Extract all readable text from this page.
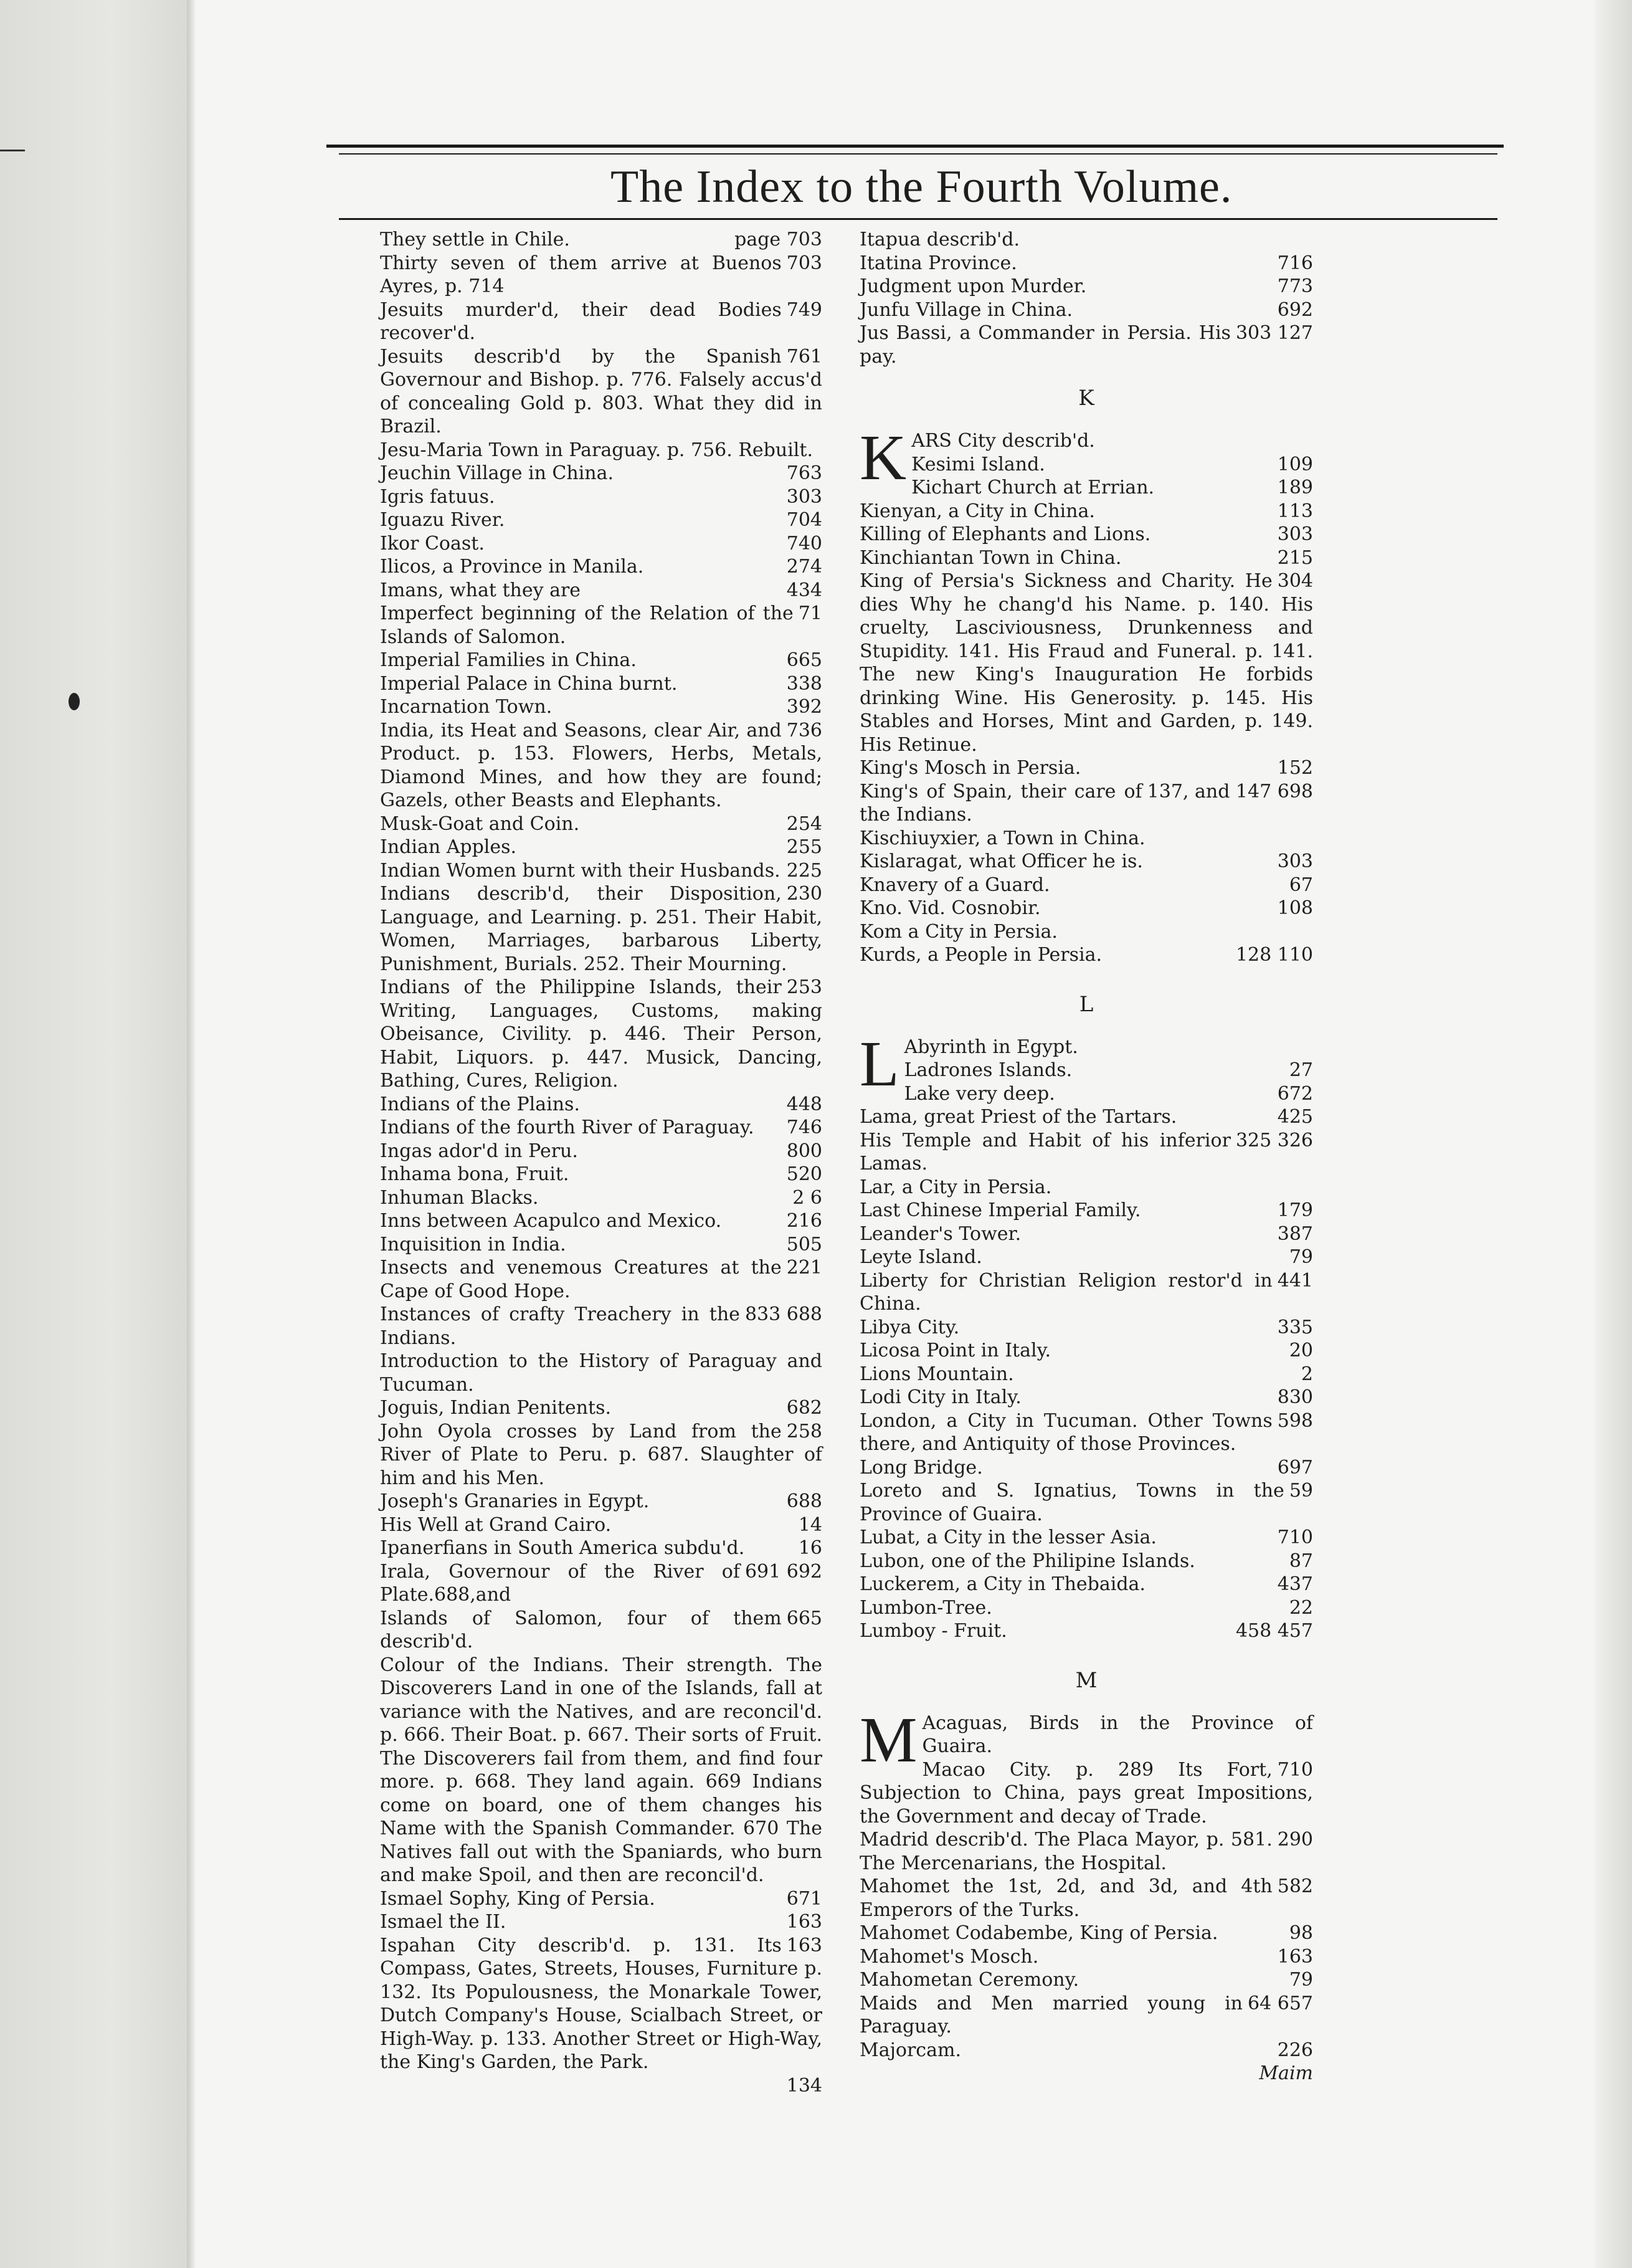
The Index to the Fourth Volume.

page 703
They settle in Chile.

703
Thirty seven of them arrive at Buenos Ayres, p. 714

749
Jesuits murder'd, their dead Bodies recover'd.

761
Jesuits describ'd by the Spanish Governour and Bishop. p. 776. Falsely accus'd of concealing Gold p. 803. What they did in Brazil.

Jesu-Maria Town in Paraguay. p. 756. Rebuilt.

763
Jeuchin Village in China.

303
Igris fatuus.

704
Iguazu River.

740
Ikor Coast.

274
Ilicos, a Province in Manila.

434
Imans, what they are

71
Imperfect beginning of the Relation of the Islands of Salomon.

665
Imperial Families in China.

338
Imperial Palace in China burnt.

392
Incarnation Town.

736
India, its Heat and Seasons, clear Air, and Product. p. 153. Flowers, Herbs, Metals, Diamond Mines, and how they are found; Gazels, other Beasts and Elephants.

254
Musk-Goat and Coin.

255
Indian Apples.

225
Indian Women burnt with their Husbands.

230
Indians describ'd, their Disposition, Language, and Learning. p. 251. Their Habit, Women, Marriages, barbarous Liberty, Punishment, Burials. 252. Their Mourning.

253
Indians of the Philippine Islands, their Writing, Languages, Customs, making Obeisance, Civility. p. 446. Their Person, Habit, Liquors. p. 447. Musick, Dancing, Bathing, Cures, Religion.

448
Indians of the Plains.

746
Indians of the fourth River of Paraguay.

800
Ingas ador'd in Peru.

520
Inhama bona, Fruit.

2 6
Inhuman Blacks.

216
Inns between Acapulco and Mexico.

505
Inquisition in India.

221
Insects and venemous Creatures at the Cape of Good Hope.

833 688
Instances of crafty Treachery in the Indians.

Introduction to the History of Paraguay and Tucuman.

682
Joguis, Indian Penitents.

258
John Oyola crosses by Land from the River of Plate to Peru. p. 687. Slaughter of him and his Men.

688
Joseph's Granaries in Egypt.

14
His Well at Grand Cairo.

16
Ipanerfians in South America subdu'd.

691 692
Irala, Governour of the River of Plate.688,and

665
Islands of Salomon, four of them describ'd.

Colour of the Indians. Their strength. The Discoverers Land in one of the Islands, fall at variance with the Natives, and are reconcil'd. p. 666. Their Boat. p. 667. Their sorts of Fruit. The Discoverers fail from them, and find four more. p. 668. They land again. 669 Indians come on board, one of them changes his Name with the Spanish Commander. 670 The Natives fall out with the Spaniards, who burn and make Spoil, and then are reconcil'd.

671
Ismael Sophy, King of Persia.

163
Ismael the II.

163
Ispahan City describ'd. p. 131. Its Compass, Gates, Streets, Houses, Furniture p. 132. Its Populousness, the Monarkale Tower, Dutch Company's House, Scialbach Street, or High-Way. p. 133. Another Street or High-Way, the King's Garden, the Park.

134

Itapua describ'd.

716
Itatina Province.

773
Judgment upon Murder.

692
Junfu Village in China.

303 127
Jus Bassi, a Commander in Persia. His pay.

K
K ARS City describ'd.

109
Kesimi Island.

189
Kichart Church at Errian.

113
Kienyan, a City in China.

303
Killing of Elephants and Lions.

215
Kinchiantan Town in China.

304
King of Persia's Sickness and Charity. He dies Why he chang'd his Name. p. 140. His cruelty, Lasciviousness, Drunkenness and Stupidity. 141. His Fraud and Funeral. p. 141. The new King's Inauguration He forbids drinking Wine. His Generosity. p. 145. His Stables and Horses, Mint and Garden, p. 149. His Retinue.

152
King's Mosch in Persia.

137, and 147 698
King's of Spain, their care of the Indians.

Kischiuyxier, a Town in China.

303
Kislaragat, what Officer he is.

67
Knavery of a Guard.

108
Kno. Vid. Cosnobir.

Kom a City in Persia.

128 110
Kurds, a People in Persia.

L
L Abyrinth in Egypt.

27
Ladrones Islands.

672
Lake very deep.

425
Lama, great Priest of the Tartars.

325 326
His Temple and Habit of his inferior Lamas.

Lar, a City in Persia.

179
Last Chinese Imperial Family.

387
Leander's Tower.

79
Leyte Island.

441
Liberty for Christian Religion restor'd in China.

335
Libya City.

20
Licosa Point in Italy.

2
Lions Mountain.

830
Lodi City in Italy.

598
London, a City in Tucuman. Other Towns there, and Antiquity of those Provinces.

697
Long Bridge.

59
Loreto and S. Ignatius, Towns in the Province of Guaira.

710
Lubat, a City in the lesser Asia.

87
Lubon, one of the Philipine Islands.

437
Luckerem, a City in Thebaida.

22
Lumbon-Tree.

458 457
Lumboy - Fruit.

M
M Acaguas, Birds in the Province of Guaira.

710
Macao City. p. 289 Its Fort, Subjection to China, pays great Impositions, the Government and decay of Trade.

290
Madrid describ'd. The Placa Mayor, p. 581. The Mercenarians, the Hospital.

582
Mahomet the 1st, 2d, and 3d, and 4th Emperors of the Turks.

98
Mahomet Codabembe, King of Persia.

163
Mahomet's Mosch.

79
Mahometan Ceremony.

64 657
Maids and Men married young in Paraguay.

226
Majorcam.

Maim
